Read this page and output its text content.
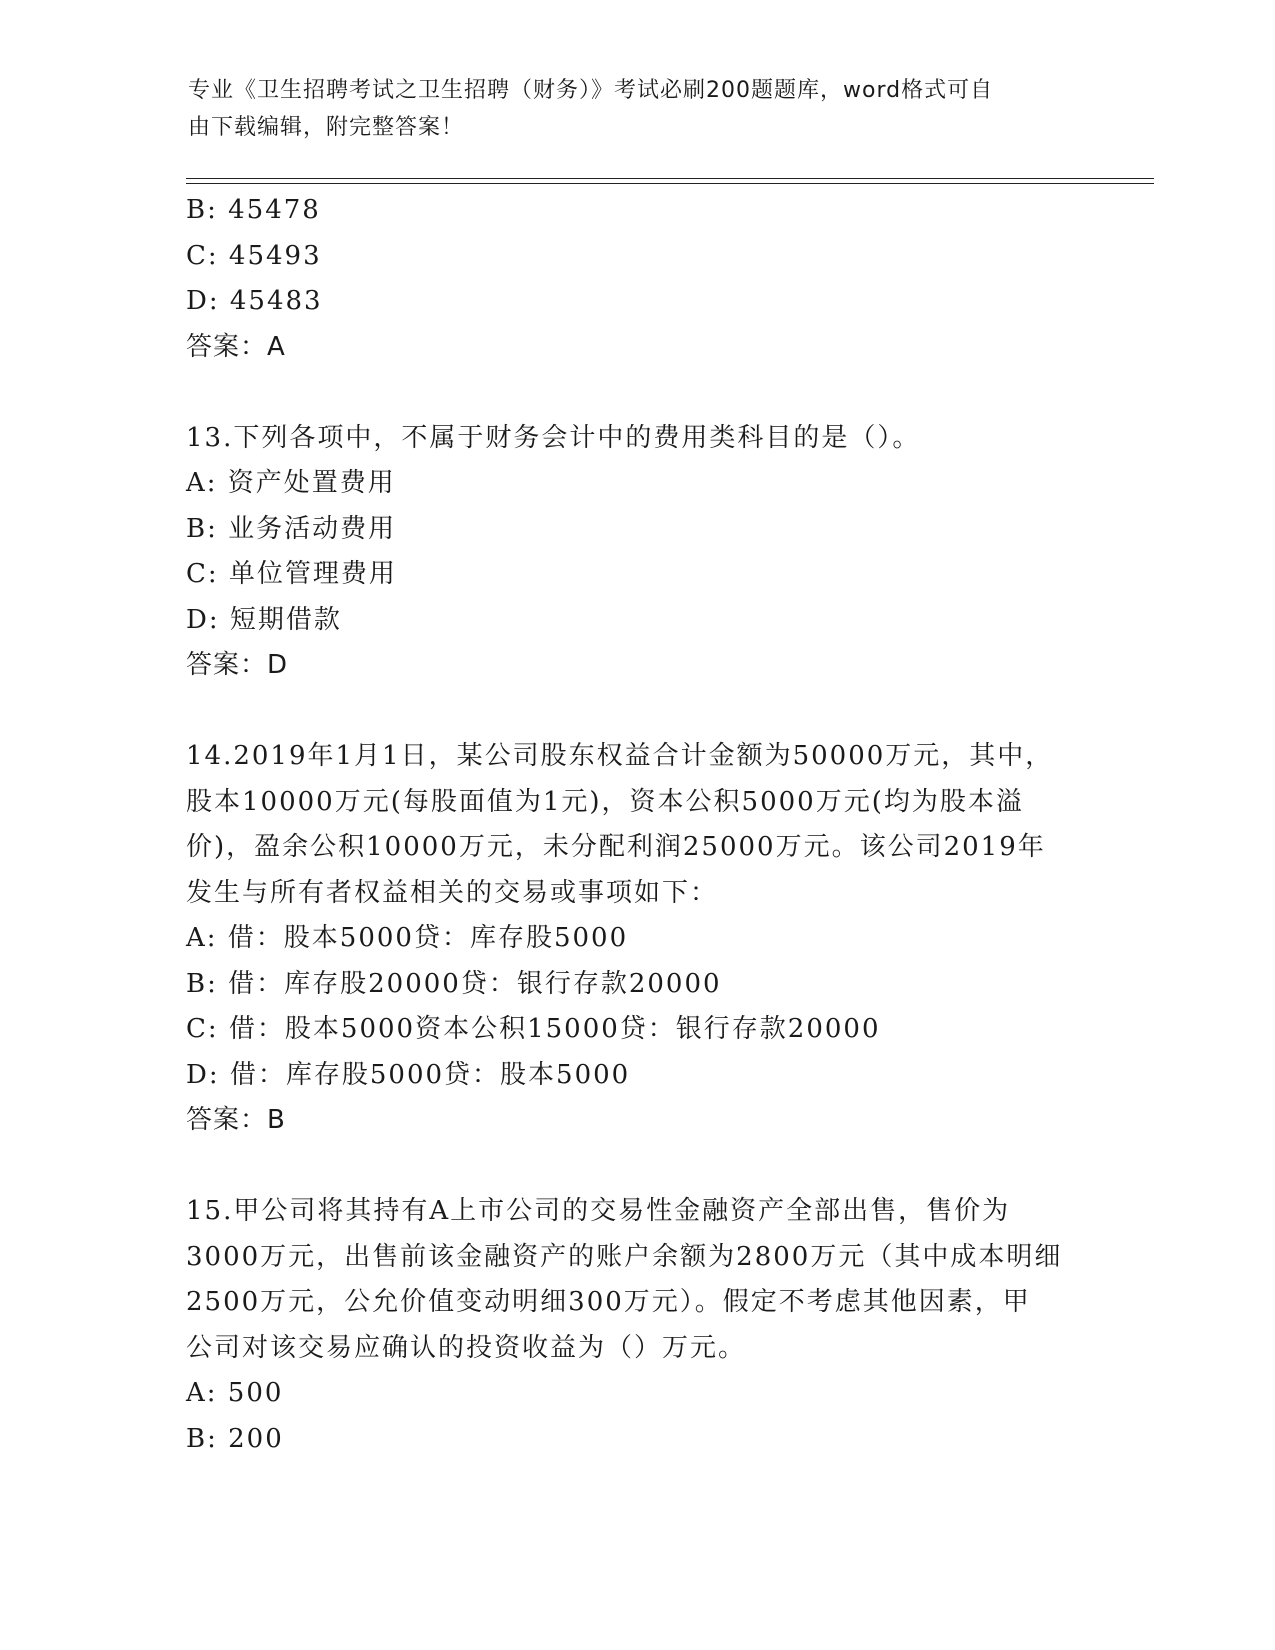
专业《卫生招聘考试之卫生招聘（财务）》考试必刷200题题库，word格式可自
由下载编辑，附完整答案！
B: 45478
C: 45493
D: 45483
答案：A
13.下列各项中，不属于财务会计中的费用类科目的是（）。
A: 资产处置费用
B: 业务活动费用
C: 单位管理费用
D: 短期借款
答案：D
14.2019年1月1日，某公司股东权益合计金额为50000万元，其中，
股本10000万元(每股面值为1元)，资本公积5000万元(均为股本溢
价)，盈余公积10000万元，未分配利润25000万元。该公司2019年
发生与所有者权益相关的交易或事项如下：
A: 借：股本5000贷：库存股5000
B: 借：库存股20000贷：银行存款20000
C: 借：股本5000资本公积15000贷：银行存款20000
D: 借：库存股5000贷：股本5000
答案：B
15.甲公司将其持有A上市公司的交易性金融资产全部出售，售价为
3000万元，出售前该金融资产的账户余额为2800万元（其中成本明细
2500万元，公允价值变动明细300万元）。假定不考虑其他因素，甲
公司对该交易应确认的投资收益为（）万元。
A: 500
B: 200
